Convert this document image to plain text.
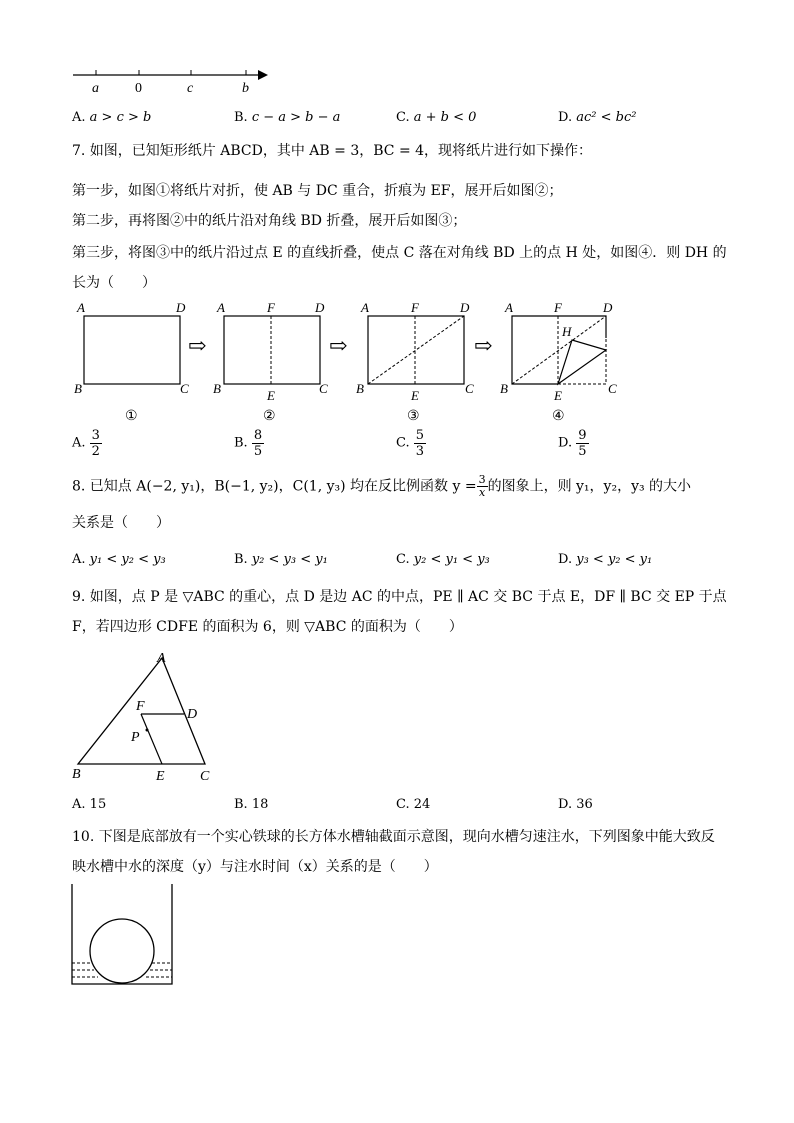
a	0	c	b
A. a > c > b	B. c − a > b − a	C. a + b < 0	D. ac² < bc²
7. 如图，已知矩形纸片 ABCD，其中 AB = 3，BC = 4，现将纸片进行如下操作：
第一步，如图①将纸片对折，使 AB 与 DC 重合，折痕为 EF，展开后如图②；
第二步，再将图②中的纸片沿对角线 BD 折叠，展开后如图③；
第三步，将图③中的纸片沿过点 E 的直线折叠，使点 C 落在对角线 BD 上的点 H 处，如图④．则 DH 的
长为（　　）
A	D
B	C
①
⇨
A	F	D
B	E	C
②
⇨
A	F	D
B	E	C
③
⇨
A	F	D
H
B	E	C
④
A. $\frac{3}{2}$	B. $\frac{8}{5}$	C. $\frac{5}{3}$	D. $\frac{9}{5}$
8. 已知点 A(−2, y₁)，B(−1, y₂)，C(1, y₃) 均在反比例函数 $y = \frac{3}{x}$ 的图象上，则 y₁，y₂，y₃ 的大小
关系是（　　）
A. y₁ < y₂ < y₃	B. y₂ < y₃ < y₁	C. y₂ < y₁ < y₃	D. y₃ < y₂ < y₁
9. 如图，点 P 是 ▽ABC 的重心，点 D 是边 AC 的中点，PE ∥ AC 交 BC 于点 E，DF ∥ BC 交 EP 于点
F，若四边形 CDFE 的面积为 6，则 ▽ABC 的面积为（　　）
A
F
D
P
B	E	C
A. 15	B. 18	C. 24	D. 36
10. 下图是底部放有一个实心铁球的长方体水槽轴截面示意图，现向水槽匀速注水，下列图象中能大致反
映水槽中水的深度（y）与注水时间（x）关系的是（　　）
